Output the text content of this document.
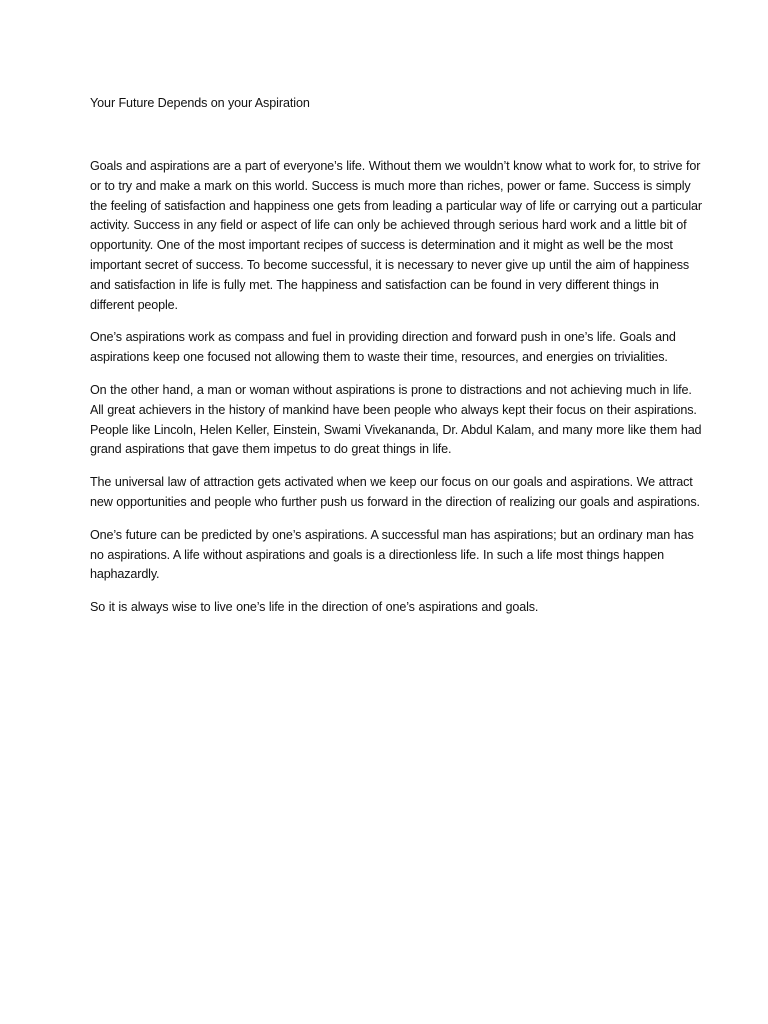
Your Future Depends on your Aspiration

Goals and aspirations are a part of everyone’s life. Without them we wouldn’t know what to work for, to strive for or to try and make a mark on this world. Success is much more than riches, power or fame. Success is simply the feeling of satisfaction and happiness one gets from leading a particular way of life or carrying out a particular activity. Success in any field or aspect of life can only be achieved through serious hard work and a little bit of opportunity. One of the most important recipes of success is determination and it might as well be the most important secret of success. To become successful, it is necessary to never give up until the aim of happiness and satisfaction in life is fully met. The happiness and satisfaction can be found in very different things in different people.

One’s aspirations work as compass and fuel in providing direction and forward push in one’s life. Goals and aspirations keep one focused not allowing them to waste their time, resources, and energies on trivialities.

On the other hand, a man or woman without aspirations is prone to distractions and not achieving much in life. All great achievers in the history of mankind have been people who always kept their focus on their aspirations. People like Lincoln, Helen Keller, Einstein, Swami Vivekananda, Dr. Abdul Kalam, and many more like them had grand aspirations that gave them impetus to do great things in life.

The universal law of attraction gets activated when we keep our focus on our goals and aspirations. We attract new opportunities and people who further push us forward in the direction of realizing our goals and aspirations.

One’s future can be predicted by one’s aspirations. A successful man has aspirations; but an ordinary man has no aspirations. A life without aspirations and goals is a directionless life. In such a life most things happen haphazardly.

So it is always wise to live one’s life in the direction of one’s aspirations and goals.
